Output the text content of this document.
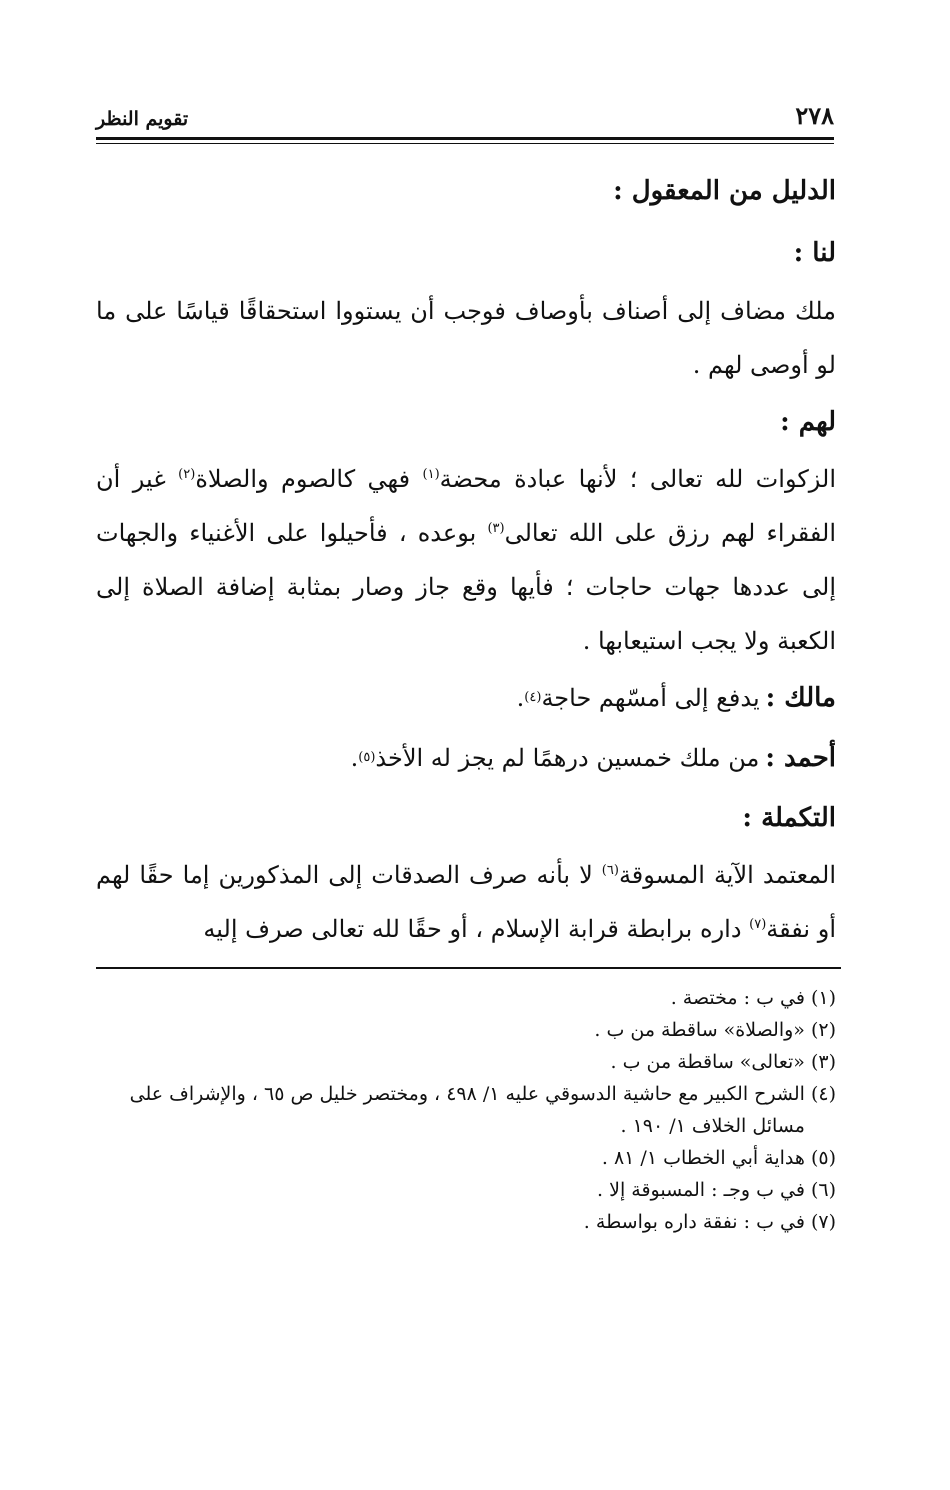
٢٧٨
تقويم النظر
الدليل من المعقول :
لنا :

ملك مضاف إلى أصناف بأوصاف فوجب أن يستووا استحقاقًا قياسًا على ما لو أوصى لهم .

لهم :

الزكوات لله تعالى ؛ لأنها عبادة محضة$^{(١)}$ فهي كالصوم والصلاة$^{(٢)}$ غير أن الفقراء لهم رزق على الله تعالى$^{(٣)}$ بوعده ، فأحيلوا على الأغنياء والجهات إلى عددها جهات حاجات ؛ فأيها وقع جاز وصار بمثابة إضافة الصلاة إلى الكعبة ولا يجب استيعابها .

مالك :
يدفع إلى أمسّهم حاجة
(٤)
.
أحمد :
من ملك خمسين درهمًا لم يجز له الأخذ
(٥)
.
التكملة :

المعتمد الآية المسوقة$^{(٦)}$ لا بأنه صرف الصدقات إلى المذكورين إما حقًا لهم أو نفقة$^{(٧)}$ داره برابطة قرابة الإسلام ، أو حقًا لله تعالى صرف إليه

(١)
في ب : مختصة .
(٢)
«والصلاة» ساقطة من ب .
(٣)
«تعالى» ساقطة من ب .
(٤)
الشرح الكبير مع حاشية الدسوقي عليه ١/ ٤٩٨ ، ومختصر خليل ص ٦٥ ، والإشراف على مسائل الخلاف ١/ ١٩٠ .
(٥)
هداية أبي الخطاب ١/ ٨١ .
(٦)
في ب وجـ : المسبوقة إلا .
(٧)
في ب : نفقة داره بواسطة .
